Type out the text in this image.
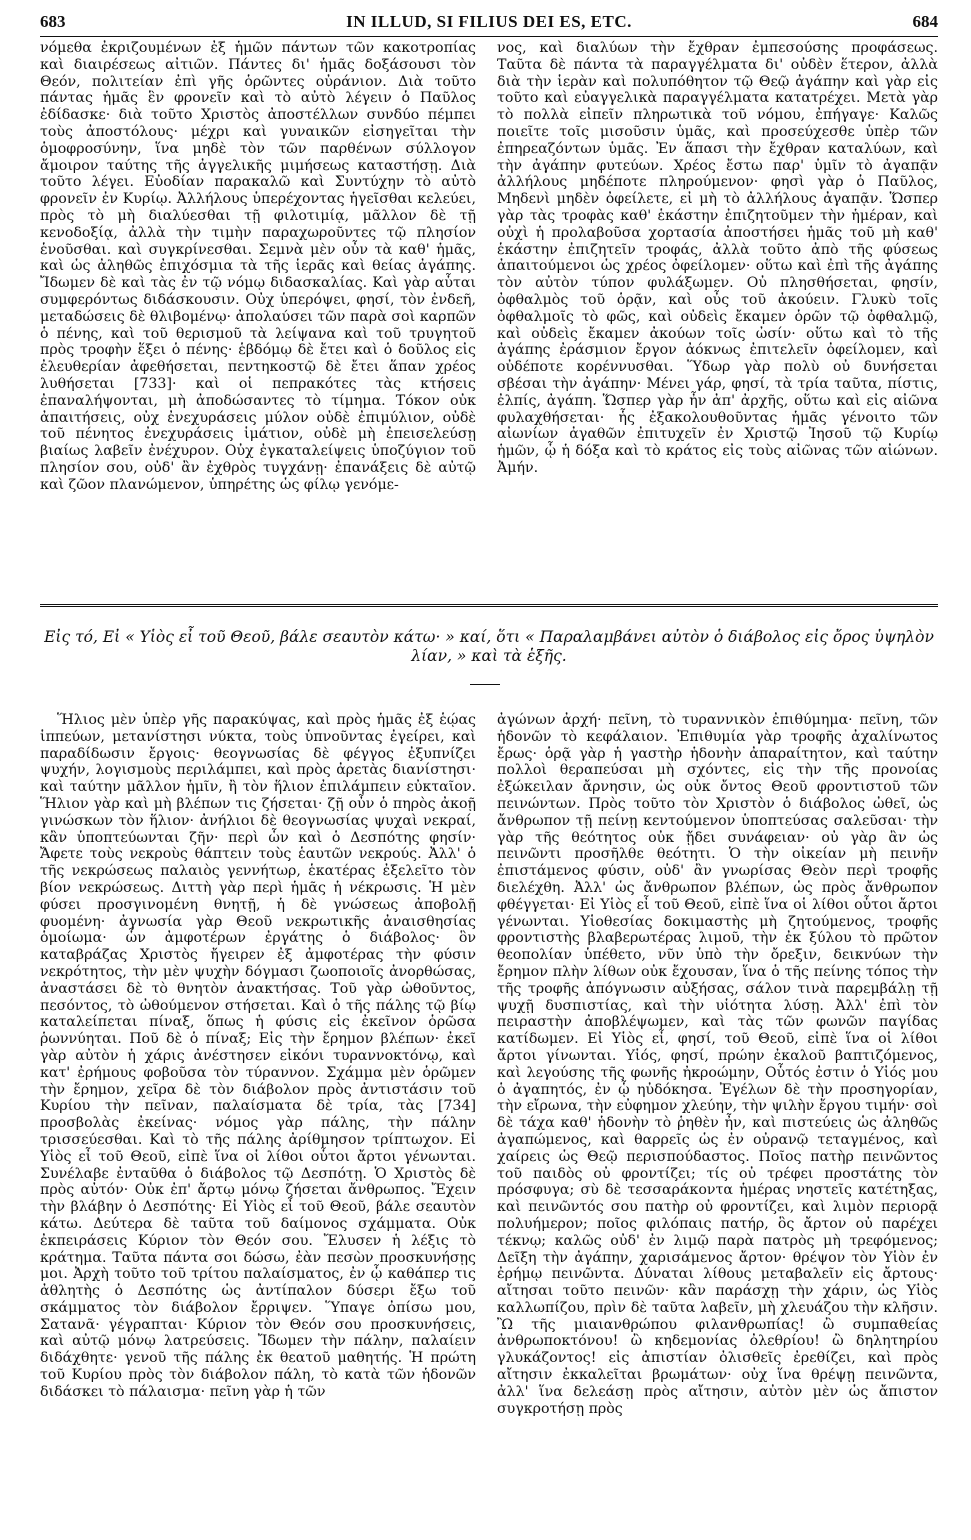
683	IN ILLUD, SI FILIUS DEI ES, ETC.	684

νόμεθα ἐκριζουμένων ἐξ ἡμῶν πάντων τῶν κακοτροπίας καὶ διαιρέσεως αἰτιῶν. Πάντες δι' ἡμᾶς δοξάσουσι τὸν Θεόν, πολιτείαν ἐπὶ γῆς ὁρῶντες οὐράνιον. Διὰ τοῦτο πάντας ἡμᾶς ἓν φρονεῖν καὶ τὸ αὐτὸ λέγειν ὁ Παῦλος ἐδίδασκε· διὰ τοῦτο Χριστὸς ἀποστέλλων συνδύο πέμπει τοὺς ἀποστόλους· μέχρι καὶ γυναικῶν εἰσηγεῖται τὴν ὁμοφροσύνην, ἵνα μηδὲ τὸν τῶν παρθένων σύλλογον ἄμοιρον ταύτης τῆς ἀγγελικῆς μιμήσεως καταστήσῃ. Διὰ τοῦτο λέγει. Εὐοδίαν παρακαλῶ καὶ Συντύχην τὸ αὐτὸ φρονεῖν ἐν Κυρίῳ. Ἀλλήλους ὑπερέχοντας ἡγεῖσθαι κελεύει, πρὸς τὸ μὴ διαλύεσθαι τῇ φιλοτιμίᾳ, μᾶλλον δὲ τῇ κενοδοξίᾳ, ἀλλὰ τὴν τιμὴν παραχωροῦντες τῷ πλησίον ἑνοῦσθαι. καὶ συγκρίνεσθαι. Σεμνὰ μὲν οὖν τὰ καθ' ἡμᾶς, καὶ ὡς ἀληθῶς ἐπιχόσμια τὰ τῆς ἱερᾶς καὶ θείας ἀγάπης. Ἴδωμεν δὲ καὶ τὰς ἐν τῷ νόμῳ διδασκαλίας. Καὶ γὰρ αὗται συμφερόντως διδάσκουσιν. Οὐχ ὑπερόψει, φησί, τὸν ἐνδεῆ, μεταδώσεις δὲ θλιβομένῳ· ἀπολαύσει τῶν παρὰ σοὶ καρπῶν ὁ πένης, καὶ τοῦ θερισμοῦ τὰ λείψανα καὶ τοῦ τρυγητοῦ πρὸς τροφὴν ἕξει ὁ πένης· ἑβδόμῳ δὲ ἔτει καὶ ὁ δοῦλος εἰς ἐλευθερίαν ἀφεθήσεται, πεντηκοστῷ δὲ ἔτει ἅπαν χρέος λυθήσεται [733]· καὶ οἱ πεπρακότες τὰς κτήσεις ἐπαναλήψονται, μὴ ἀποδώσαντες τὸ τίμημα. Τόκον οὐκ ἀπαιτήσεις, οὐχ ἐνεχυράσεις μύλον οὐδὲ ἐπιμύλιον, οὐδὲ τοῦ πένητος ἐνεχυράσεις ἱμάτιον, οὐδὲ μὴ ἐπεισελεύσῃ βιαίως λαβεῖν ἐνέχυρον. Οὐχ ἐγκαταλείψεις ὑποζύγιον τοῦ πλησίον σου, οὐδ' ἂν ἐχθρὸς τυγχάνῃ· ἐπανάξεις δὲ αὐτῷ καὶ ζῶον πλανώμενον, ὑπηρέτης ὡς φίλῳ γενόμε-

νος, καὶ διαλύων τὴν ἔχθραν ἐμπεσούσης προφάσεως. Ταῦτα δὲ πάντα τὰ παραγγέλματα δι' οὐδὲν ἕτερον, ἀλλὰ διὰ τὴν ἱερὰν καὶ πολυπόθητον τῷ Θεῷ ἀγάπην καὶ γὰρ εἰς τοῦτο καὶ εὐαγγελικὰ παραγγέλματα κατατρέχει. Μετὰ γὰρ τὸ πολλὰ εἰπεῖν πληρωτικὰ τοῦ νόμου, ἐπήγαγε· Καλῶς ποιεῖτε τοῖς μισοῦσιν ὑμᾶς, καὶ προσεύχεσθε ὑπὲρ τῶν ἐπηρεαζόντων ὑμᾶς. Ἐν ἅπασι τὴν ἔχθραν καταλύων, καὶ τὴν ἀγάπην φυτεύων. Χρέος ἔστω παρ' ὑμῖν τὸ ἀγαπᾷν ἀλλήλους μηδέποτε πληρούμενον· φησὶ γὰρ ὁ Παῦλος, Μηδενὶ μηδὲν ὀφείλετε, εἰ μὴ τὸ ἀλλήλους ἀγαπᾷν. Ὥσπερ γὰρ τὰς τροφὰς καθ' ἑκάστην ἐπιζητοῦμεν τὴν ἡμέραν, καὶ οὐχὶ ἡ προλαβοῦσα χορτασία ἀποστήσει ἡμᾶς τοῦ μὴ καθ' ἑκάστην ἐπιζητεῖν τροφάς, ἀλλὰ τοῦτο ἀπὸ τῆς φύσεως ἀπαιτούμενοι ὡς χρέος ὀφείλομεν· οὕτω καὶ ἐπὶ τῆς ἀγάπης τὸν αὐτὸν τύπον φυλάξωμεν. Οὐ πλησθήσεται, φησίν, ὀφθαλμὸς τοῦ ὁρᾷν, καὶ οὖς τοῦ ἀκούειν. Γλυκὺ τοῖς ὀφθαλμοῖς τὸ φῶς, καὶ οὐδεὶς ἔκαμεν ὁρῶν τῷ ὀφθαλμῷ, καὶ οὐδεὶς ἔκαμεν ἀκούων τοῖς ὠσίν· οὕτω καὶ τὸ τῆς ἀγάπης ἐράσμιον ἔργον ἀόκνως ἐπιτελεῖν ὀφείλομεν, καὶ οὐδέποτε κορέννυσθαι. Ὕδωρ γὰρ πολὺ οὐ δυνήσεται σβέσαι τὴν ἀγάπην· Μένει γάρ, φησί, τὰ τρία ταῦτα, πίστις, ἐλπίς, ἀγάπη. Ὥσπερ γὰρ ἦν ἀπ' ἀρχῆς, οὕτω καὶ εἰς αἰῶνα φυλαχθήσεται· ἧς ἐξακολουθοῦντας ἡμᾶς γένοιτο τῶν αἰωνίων ἀγαθῶν ἐπιτυχεῖν ἐν Χριστῷ Ἰησοῦ τῷ Κυρίῳ ἡμῶν, ᾧ ἡ δόξα καὶ τὸ κράτος εἰς τοὺς αἰῶνας τῶν αἰώνων. Ἀμήν.

Εἰς τό, Εἰ « Υἱὸς εἶ τοῦ Θεοῦ, βάλε σεαυτὸν κάτω· » καί, ὅτι « Παραλαμβάνει αὐτὸν ὁ διάβολος εἰς ὄρος ὑψηλὸν λίαν, » καὶ τὰ ἑξῆς.

Ἥλιος μὲν ὑπὲρ γῆς παρακύψας, καὶ πρὸς ἡμᾶς ἐξ ἑῴας ἱππεύων, μετανίστησι νύκτα, τοὺς ὑπνοῦντας ἐγείρει, καὶ παραδίδωσιν ἔργοις· θεογνωσίας δὲ φέγγος ἐξυπνίζει ψυχήν, λογισμοὺς περιλάμπει, καὶ πρὸς ἀρετὰς διανίστησι· καὶ ταύτην μᾶλλον ἡμῖν, ἢ τὸν ἥλιον ἐπιλάμπειν εὐκταῖον. Ἥλιον γὰρ καὶ μὴ βλέπων τις ζήσεται· ζῇ οὖν ὁ πηρὸς ἀκοῇ γινώσκων τὸν ἥλιον· ἀνήλιοι δὲ θεογνωσίας ψυχαὶ νεκραί, κἂν ὑποπτεύωνται ζῆν· περὶ ὧν καὶ ὁ Δεσπότης φησίν· Ἄφετε τοὺς νεκροὺς θάπτειν τοὺς ἑαυτῶν νεκρούς. Ἀλλ' ὁ τῆς νεκρώσεως παλαιὸς γεννήτωρ, ἑκατέρας ἐξελεῖτο τὸν βίον νεκρώσεως. Διττὴ γὰρ περὶ ἡμᾶς ἡ νέκρωσις. Ἡ μὲν φύσει προσγινομένη θνητῇ, ἡ δὲ γνώσεως ἀποβολῇ φυομένη· ἀγνωσία γὰρ Θεοῦ νεκρωτικῆς ἀναισθησίας ὁμοίωμα· ὧν ἀμφοτέρων ἐργάτης ὁ διάβολος· ὃν καταβράζας Χριστὸς ἤγειρεν ἐξ ἀμφοτέρας τὴν φύσιν νεκρότητος, τὴν μὲν ψυχὴν δόγμασι ζωοποιοῖς ἀνορθώσας, ἀναστάσει δὲ τὸ θνητὸν ἀνακτήσας. Τοῦ γὰρ ὠθοῦντος, πεσόντος, τὸ ὠθούμενον στήσεται. Καὶ ὁ τῆς πάλης τῷ βίῳ καταλείπεται πίναξ, ὅπως ἡ φύσις εἰς ἐκεῖνον ὁρῶσα ῥωννύηται. Ποῦ δὲ ὁ πίναξ; Εἰς τὴν ἔρημον βλέπων· ἐκεῖ γὰρ αὐτὸν ἡ χάρις ἀνέστησεν εἰκόνι τυραννοκτόνῳ, καὶ κατ' ἐρήμους φοβοῦσα τὸν τύραννον. Σχάμμα μὲν ὁρῶμεν τὴν ἔρημον, χεῖρα δὲ τὸν διάβολον πρὸς ἀντιστάσιν τοῦ Κυρίου τὴν πεῖναν, παλαίσματα δὲ τρία, τὰς [734] προσβολὰς ἐκείνας· νόμος γὰρ πάλης, τὴν πάλην τρισσεύεσθαι. Καὶ τὸ τῆς πάλης ἀρίθμησον τρίπτωχον. Εἰ Υἱὸς εἶ τοῦ Θεοῦ, εἰπὲ ἵνα οἱ λίθοι οὗτοι ἄρτοι γένωνται. Συνέλαβε ἐνταῦθα ὁ διάβολος τῷ Δεσπότῃ. Ὁ Χριστὸς δὲ πρὸς αὐτόν· Οὐκ ἐπ' ἄρτῳ μόνῳ ζήσεται ἄνθρωπος. Ἔχειν τὴν βλάβην ὁ Δεσπότης· Εἰ Υἱὸς εἶ τοῦ Θεοῦ, βάλε σεαυτὸν κάτω. Δεύτερα δὲ ταῦτα τοῦ δαίμονος σχάμματα. Οὐκ ἐκπειράσεις Κύριον τὸν Θεόν σου. Ἔλυσεν ἡ λέξις τὸ κράτημα. Ταῦτα πάντα σοι δώσω, ἐὰν πεσὼν προσκυνήσῃς μοι. Ἀρχὴ τοῦτο τοῦ τρίτου παλαίσματος, ἐν ᾧ καθάπερ τις ἀθλητὴς ὁ Δεσπότης ὡς ἀντίπαλον δύσερι ἔξω τοῦ σκάμματος τὸν διάβολον ἔρριψεν. Ὕπαγε ὀπίσω μου, Σατανᾶ· γέγραπται· Κύριον τὸν Θεόν σου προσκυνήσεις, καὶ αὐτῷ μόνῳ λατρεύσεις. Ἴδωμεν τὴν πάλην, παλαίειν διδάχθητε· γενοῦ τῆς πάλης ἐκ θεατοῦ μαθητής. Ἡ πρώτη τοῦ Κυρίου πρὸς τὸν διάβολον πάλη, τὸ κατὰ τῶν ἡδονῶν διδάσκει τὸ πάλαισμα· πεῖνη γὰρ ἡ τῶν

ἀγώνων ἀρχή· πεῖνη, τὸ τυραννικὸν ἐπιθύμημα· πεῖνη, τῶν ἡδονῶν τὸ κεφάλαιον. Ἐπιθυμία γὰρ τροφῆς ἀχαλίνωτος ἔρως· ὁρᾷ γὰρ ἡ γαστὴρ ἡδονὴν ἀπαραίτητον, καὶ ταύτην πολλοὶ θεραπεύσαι μὴ σχόντες, εἰς τὴν τῆς προνοίας ἐξώκειλαν ἄρνησιν, ὡς οὐκ ὄντος Θεοῦ φροντιστοῦ τῶν πεινώντων. Πρὸς τοῦτο τὸν Χριστὸν ὁ διάβολος ὠθεῖ, ὡς ἄνθρωπον τῇ πείνῃ κεντούμενον ὑποπτεύσας σαλεῦσαι· τὴν γὰρ τῆς θεότητος οὐκ ᾔδει συνάφειαν· οὐ γὰρ ἂν ὡς πεινῶντι προσῆλθε θεότητι. Ὁ τὴν οἰκείαν μὴ πεινῆν ἐπιστάμενος φύσιν, οὐδ' ἂν γνωρίσας Θεὸν περὶ τροφῆς διελέχθη. Ἀλλ' ὡς ἄνθρωπον βλέπων, ὡς πρὸς ἄνθρωπον φθέγγεται· Εἰ Υἱὸς εἶ τοῦ Θεοῦ, εἰπὲ ἵνα οἱ λίθοι οὗτοι ἄρτοι γένωνται. Υἱοθεσίας δοκιμαστὴς μὴ ζητούμενος, τροφῆς φροντιστὴς βλαβερωτέρας λιμοῦ, τὴν ἐκ ξύλου τὸ πρῶτον θεοπολίαν ὑπέθετο, νῦν ὑπὸ τὴν ὄρεξιν, δεικνύων τὴν ἔρημον πλὴν λίθων οὐκ ἔχουσαν, ἵνα ὁ τῆς πείνης τόπος τὴν τῆς τροφῆς ἀπόγνωσιν αὐξήσας, σάλον τινὰ παρεμβάλῃ τῇ ψυχῇ δυσπιστίας, καὶ τὴν υἱότητα λύσῃ. Ἀλλ' ἐπὶ τὸν πειραστὴν ἀποβλέψωμεν, καὶ τὰς τῶν φωνῶν παγίδας κατίδωμεν. Εἰ Υἱὸς εἶ, φησί, τοῦ Θεοῦ, εἰπὲ ἵνα οἱ λίθοι ἄρτοι γίνωνται. Υἱός, φησί, πρώην ἐκαλοῦ βαπτιζόμενος, καὶ λεγούσης τῆς φωνῆς ἠκροώμην, Οὗτός ἐστιν ὁ Υἱός μου ὁ ἀγαπητός, ἐν ᾧ ηὐδόκησα. Ἐγέλων δὲ τὴν προσηγορίαν, τὴν εἴρωνα, τὴν εὐφημον χλεύην, τὴν ψιλὴν ἔργου τιμήν· σοὶ δὲ τάχα καθ' ἡδονὴν τὸ ῥηθὲν ἦν, καὶ πιστεύεις ὡς ἀληθῶς ἀγαπώμενος, καὶ θαρρεῖς ὡς ἐν οὐρανῷ τεταγμένος, καὶ χαίρεις ὡς Θεῷ περισπούδαστος. Ποῖος πατὴρ πεινῶντος τοῦ παιδὸς οὐ φροντίζει; τίς οὐ τρέφει προστάτης τὸν πρόσφυγα; σὺ δὲ τεσσαράκοντα ἡμέρας νηστεῖς κατέτηξας, καὶ πεινῶντός σου πατὴρ οὐ φροντίζει, καὶ λιμὸν περιορᾷ πολυήμερον; ποῖος φιλόπαις πατήρ, ὃς ἄρτον οὐ παρέχει τέκνῳ; καλῶς οὐδ' ἐν λιμῷ παρὰ πατρὸς μὴ τρεφόμενος; Δεῖξη τὴν ἀγάπην, χαρισάμενος ἄρτον· θρέψον τὸν Υἱὸν ἐν ἐρήμῳ πεινῶντα. Δύναται λίθους μεταβαλεῖν εἰς ἄρτους· αἴτησαι τοῦτο πεινῶν· κἂν παράσχῃ τὴν χάριν, ὡς Υἱὸς καλλωπίζου, πρὶν δὲ ταῦτα λαβεῖν, μὴ χλευάζου τὴν κλῆσιν. Ὢ τῆς μιαιανθρώπου φιλανθρωπίας! ὢ συμπαθείας ἀνθρωποκτόνου! ὢ κηδεμονίας ὀλεθρίου! ὢ δηλητηρίου γλυκάζοντος! εἰς ἀπιστίαν ὀλισθεῖς ἐρεθίζει, καὶ πρὸς αἴτησιν ἐκκαλεῖται βρωμάτων· οὐχ ἵνα θρέψῃ πεινῶντα, ἀλλ' ἵνα δελεάσῃ πρὸς αἴτησιν, αὐτὸν μὲν ὡς ἄπιστον συγκροτήσῃ πρὸς
